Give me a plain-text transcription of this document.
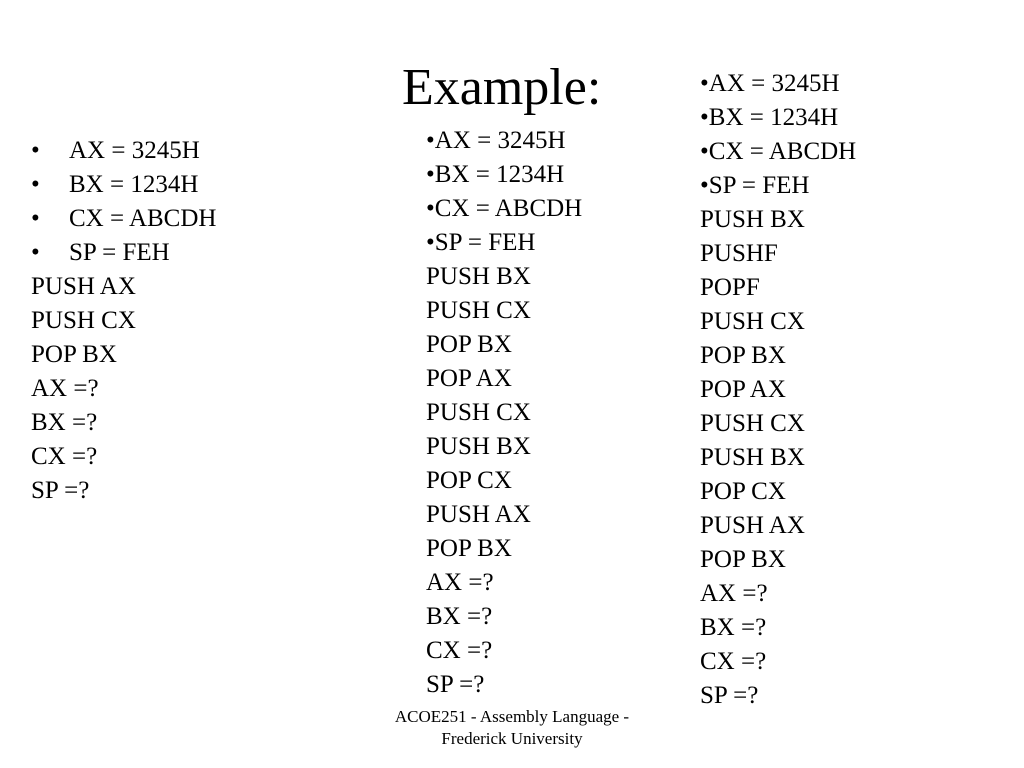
Example:
• AX = 3245H
• BX = 1234H
• CX = ABCDH
• SP = FEH
PUSH AX
PUSH CX
POP BX
AX =?
BX =?
CX =?
SP =?
•AX = 3245H
•BX = 1234H
•CX = ABCDH
•SP = FEH
PUSH BX
PUSH CX
POP BX
POP AX
PUSH CX
PUSH BX
POP CX
PUSH AX
POP BX
AX =?
BX =?
CX =?
SP =?
•AX = 3245H
•BX = 1234H
•CX = ABCDH
•SP = FEH
PUSH BX
PUSHF
POPF
PUSH CX
POP BX
POP AX
PUSH CX
PUSH BX
POP CX
PUSH AX
POP BX
AX =?
BX =?
CX =?
SP =?
ACOE251 - Assembly Language -
Frederick University
